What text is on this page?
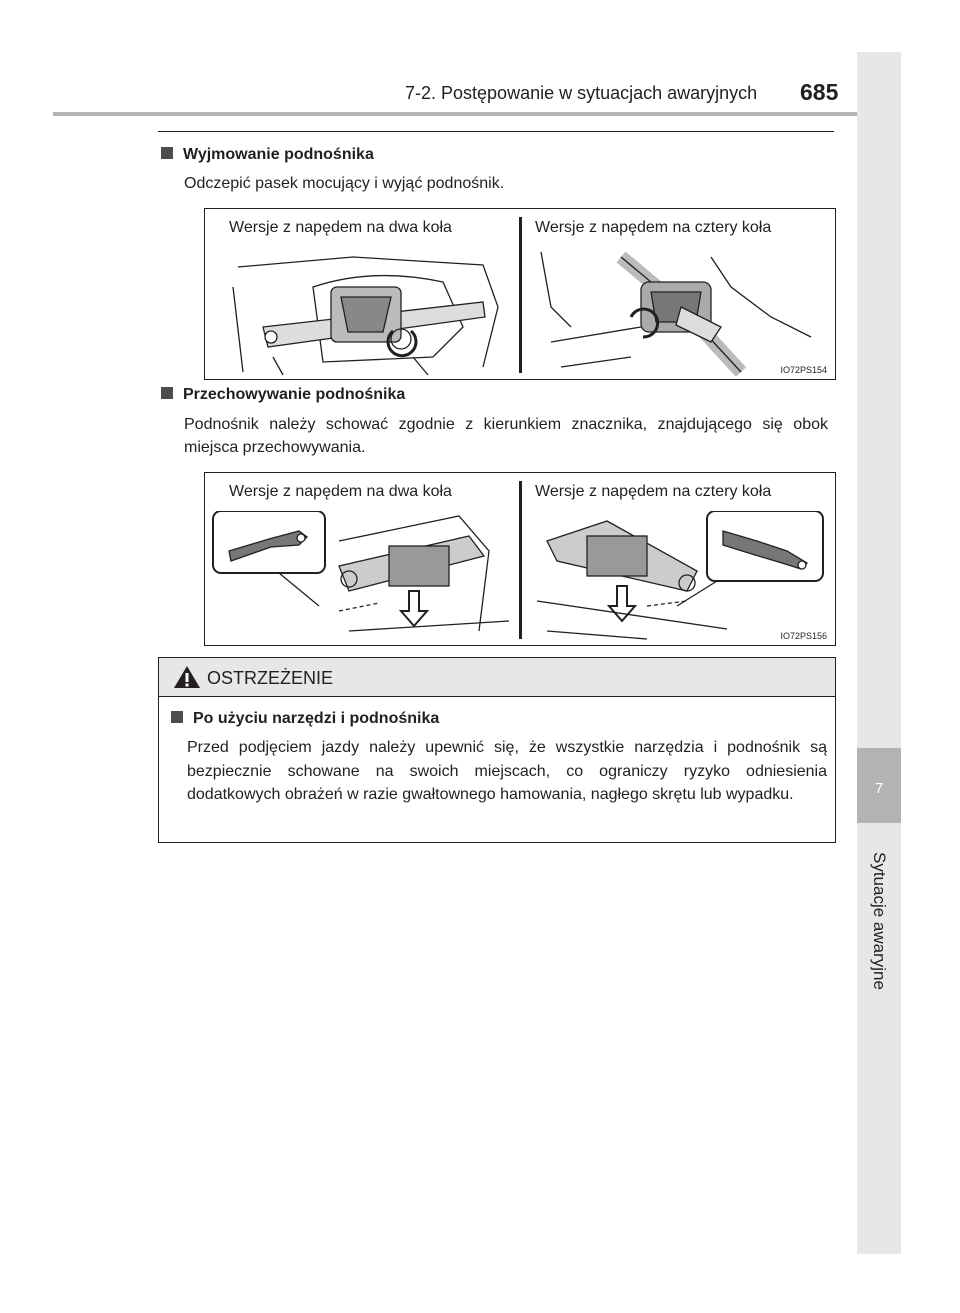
7
Sytuacje awaryjne
7-2. Postępowanie w sytuacjach awaryjnych 685
Wyjmowanie podnośnika
Odczepić pasek mocujący i wyjąć podnośnik.
Wersje z napędem na dwa koła	Wersje z napędem na cztery koła
IO72PS154
Przechowywanie podnośnika
Podnośnik należy schować zgodnie z kierunkiem znacznika, znajdującego się obok miejsca przechowywania.
Wersje z napędem na dwa koła	Wersje z napędem na cztery koła
IO72PS156
OSTRZEŻENIE
Po użyciu narzędzi i podnośnika
Przed podjęciem jazdy należy upewnić się, że wszystkie narzędzia i podnośnik są bezpiecznie schowane na swoich miejscach, co ograniczy ryzyko odniesienia dodatkowych obrażeń w razie gwałtownego hamowania, nagłego skrętu lub wypadku.
